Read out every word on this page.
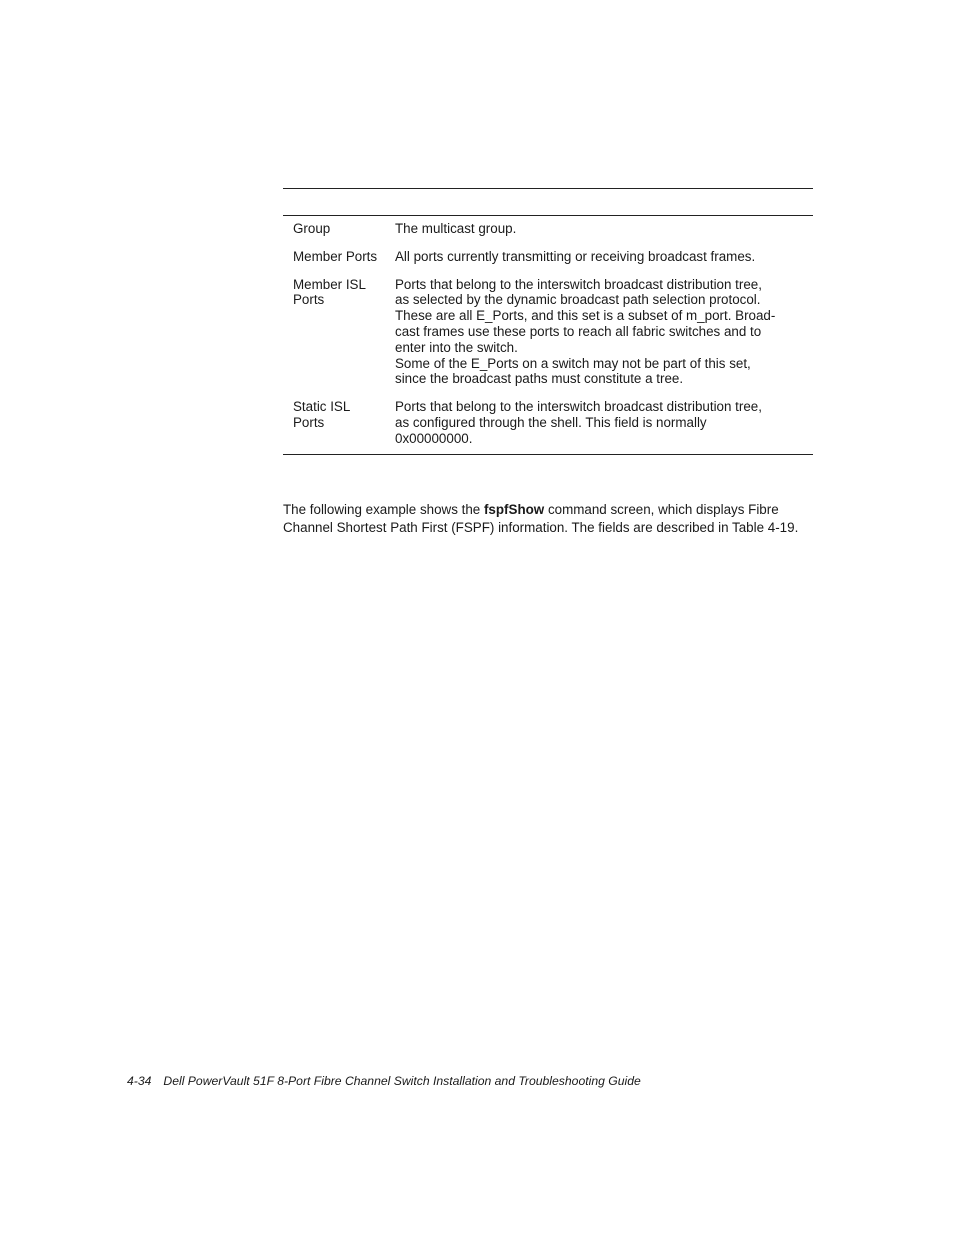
Group	The multicast group.
Member Ports	All ports currently transmitting or receiving broadcast frames.
Member ISL
Ports
Ports that belong to the interswitch broadcast distribution tree,
as selected by the dynamic broadcast path selection protocol.
These are all E_Ports, and this set is a subset of m_port. Broad-
cast frames use these ports to reach all fabric switches and to
enter into the switch.
Some of the E_Ports on a switch may not be part of this set,
since the broadcast paths must constitute a tree.
Static ISL
Ports
Ports that belong to the interswitch broadcast distribution tree,
as configured through the shell. This field is normally
0x00000000.
The following example shows the fspfShow command screen, which displays Fibre
Channel Shortest Path First (FSPF) information. The fields are described in Table 4-19.
4-34 Dell PowerVault 51F 8-Port Fibre Channel Switch Installation and Troubleshooting Guide
